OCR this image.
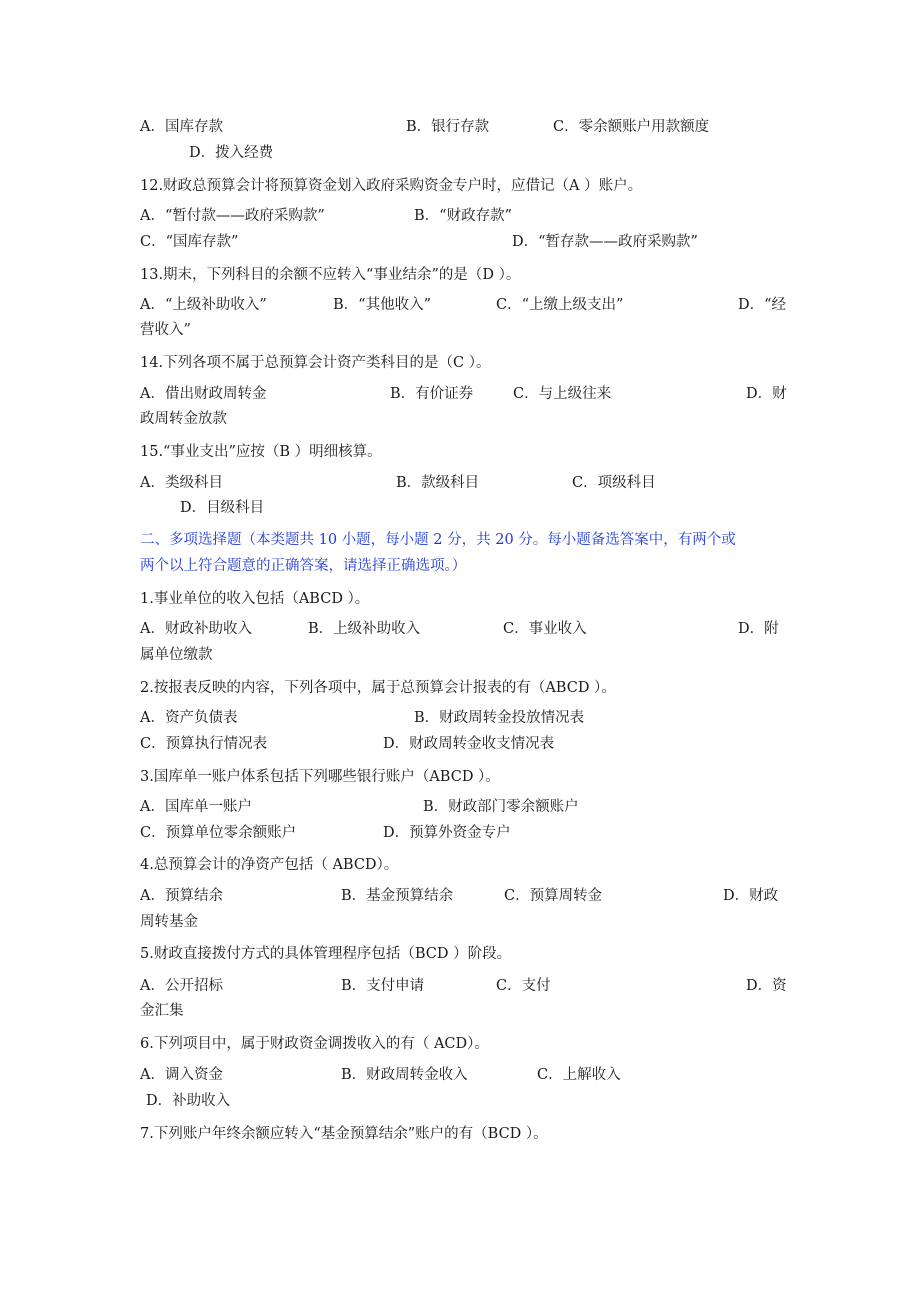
A．国库存款	B．银行存款	C．零余额账户用款额度
D．拨入经费
12.财政总预算会计将预算资金划入政府采购资金专户时，应借记（A ）账户。
A．“暂付款——政府采购款”	B．“财政存款”
C．“国库存款”	D．“暂存款——政府采购款”
13.期末，下列科目的余额不应转入“事业结余”的是（D ）。
A．“上级补助收入”	B．“其他收入”	C．“上缴上级支出”	D．“经
营收入”
14.下列各项不属于总预算会计资产类科目的是（C ）。
A．借出财政周转金	B．有价证券	C．与上级往来	D．财
政周转金放款
15.“事业支出”应按（B ）明细核算。
A．类级科目	B．款级科目	C．项级科目
D．目级科目
二、多项选择题（本类题共 10 小题，每小题 2 分，共 20 分。每小题备选答案中，有两个或
两个以上符合题意的正确答案，请选择正确选项。）
1.事业单位的收入包括（ABCD ）。
A．财政补助收入	B．上级补助收入	C．事业收入	D．附
属单位缴款
2.按报表反映的内容，下列各项中，属于总预算会计报表的有（ABCD ）。
A．资产负债表	B．财政周转金投放情况表
C．预算执行情况表	D．财政周转金收支情况表
3.国库单一账户体系包括下列哪些银行账户（ABCD ）。
A．国库单一账户	B．财政部门零余额账户
C．预算单位零余额账户	D．预算外资金专户
4.总预算会计的净资产包括（ ABCD）。
A．预算结余	B．基金预算结余	C．预算周转金	D．财政
周转基金
5.财政直接拨付方式的具体管理程序包括（BCD ）阶段。
A．公开招标	B．支付申请	C．支付	D．资
金汇集
6.下列项目中，属于财政资金调拨收入的有（ ACD）。
A．调入资金	B．财政周转金收入	C．上解收入
D．补助收入
7.下列账户年终余额应转入“基金预算结余”账户的有（BCD ）。
